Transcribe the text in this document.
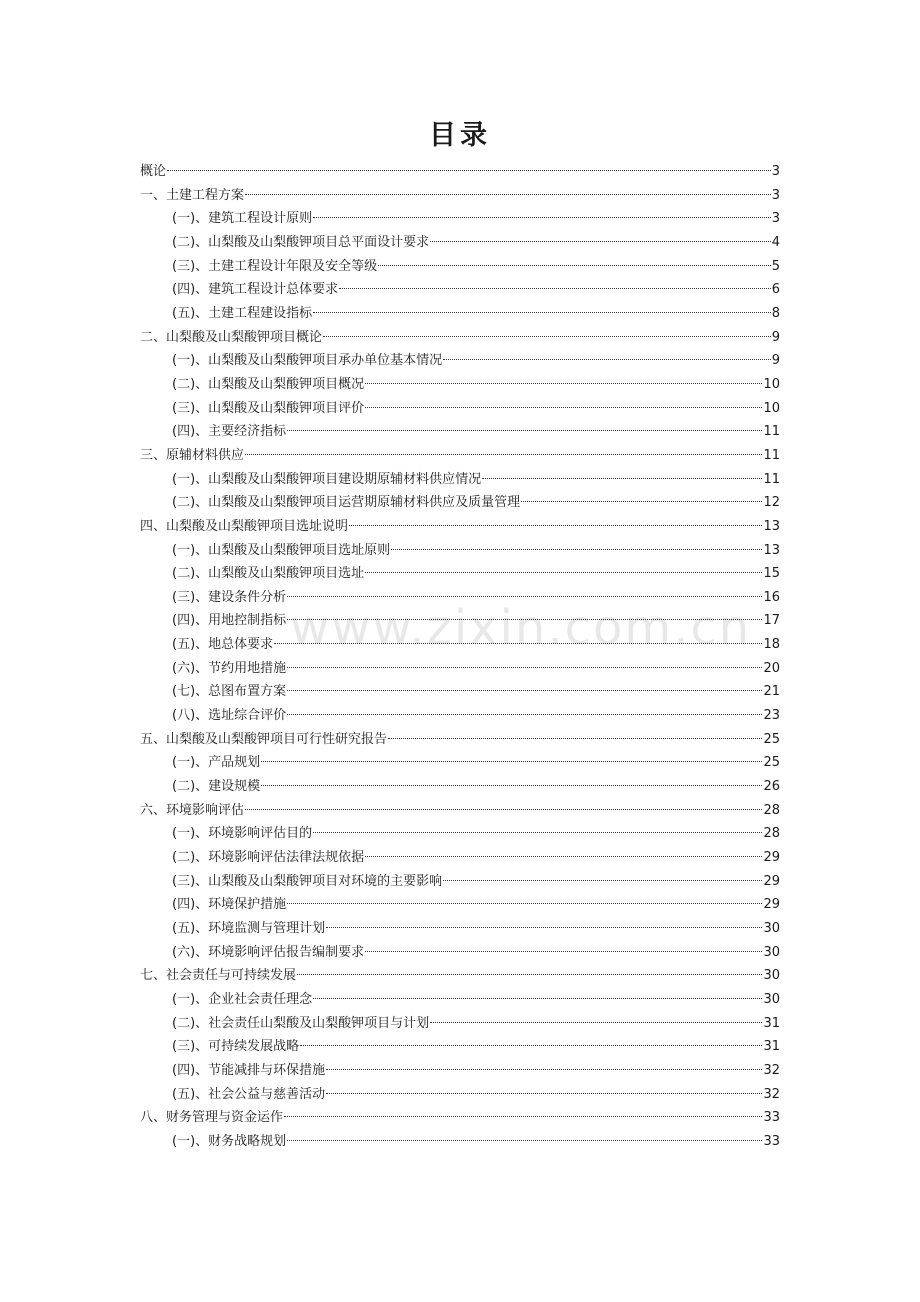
目录
概论	3
一、土建工程方案	3
(一)、建筑工程设计原则	3
(二)、山梨酸及山梨酸钾项目总平面设计要求	4
(三)、土建工程设计年限及安全等级	5
(四)、建筑工程设计总体要求	6
(五)、土建工程建设指标	8
二、山梨酸及山梨酸钾项目概论	9
(一)、山梨酸及山梨酸钾项目承办单位基本情况	9
(二)、山梨酸及山梨酸钾项目概况	10
(三)、山梨酸及山梨酸钾项目评价	10
(四)、主要经济指标	11
三、原辅材料供应	11
(一)、山梨酸及山梨酸钾项目建设期原辅材料供应情况	11
(二)、山梨酸及山梨酸钾项目运营期原辅材料供应及质量管理	12
四、山梨酸及山梨酸钾项目选址说明	13
(一)、山梨酸及山梨酸钾项目选址原则	13
(二)、山梨酸及山梨酸钾项目选址	15
(三)、建设条件分析	16
(四)、用地控制指标	17
(五)、地总体要求	18
(六)、节约用地措施	20
(七)、总图布置方案	21
(八)、选址综合评价	23
五、山梨酸及山梨酸钾项目可行性研究报告	25
(一)、产品规划	25
(二)、建设规模	26
六、环境影响评估	28
(一)、环境影响评估目的	28
(二)、环境影响评估法律法规依据	29
(三)、山梨酸及山梨酸钾项目对环境的主要影响	29
(四)、环境保护措施	29
(五)、环境监测与管理计划	30
(六)、环境影响评估报告编制要求	30
七、社会责任与可持续发展	30
(一)、企业社会责任理念	30
(二)、社会责任山梨酸及山梨酸钾项目与计划	31
(三)、可持续发展战略	31
(四)、节能减排与环保措施	32
(五)、社会公益与慈善活动	32
八、财务管理与资金运作	33
(一)、财务战略规划	33
www.zixin.com.cn
